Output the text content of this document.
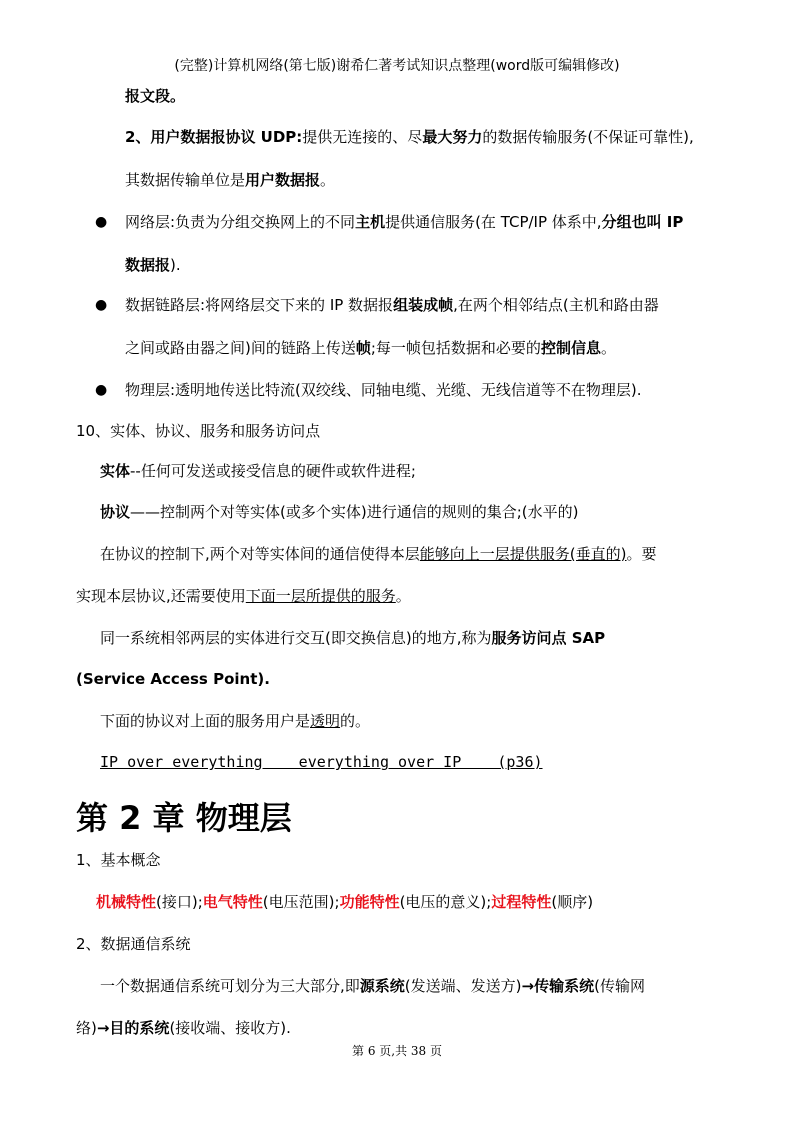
(完整)计算机网络(第七版)谢希仁著考试知识点整理(word版可编辑修改)
报文段。
2、用户数据报协议 UDP:提供无连接的、尽最大努力的数据传输服务(不保证可靠性),
其数据传输单位是用户数据报。
● 网络层:负责为分组交换网上的不同主机提供通信服务(在 TCP/IP 体系中,分组也叫 IP
数据报).
● 数据链路层:将网络层交下来的 IP 数据报组装成帧,在两个相邻结点(主机和路由器
之间或路由器之间)间的链路上传送帧;每一帧包括数据和必要的控制信息。
● 物理层:透明地传送比特流(双绞线、同轴电缆、光缆、无线信道等不在物理层).
10、实体、协议、服务和服务访问点
实体--任何可发送或接受信息的硬件或软件进程;
协议——控制两个对等实体(或多个实体)进行通信的规则的集合;(水平的)
在协议的控制下,两个对等实体间的通信使得本层能够向上一层提供服务(垂直的)。要
实现本层协议,还需要使用下面一层所提供的服务。
同一系统相邻两层的实体进行交互(即交换信息)的地方,称为服务访问点 SAP
(Service Access Point).
下面的协议对上面的服务用户是透明的。
IP over everything    everything over IP    (p36)
第 2 章 物理层
1、基本概念
机械特性(接口);电气特性(电压范围);功能特性(电压的意义);过程特性(顺序)
2、数据通信系统
一个数据通信系统可划分为三大部分,即源系统(发送端、发送方)→传输系统(传输网
络)→目的系统(接收端、接收方).
第 6 页,共 38 页
